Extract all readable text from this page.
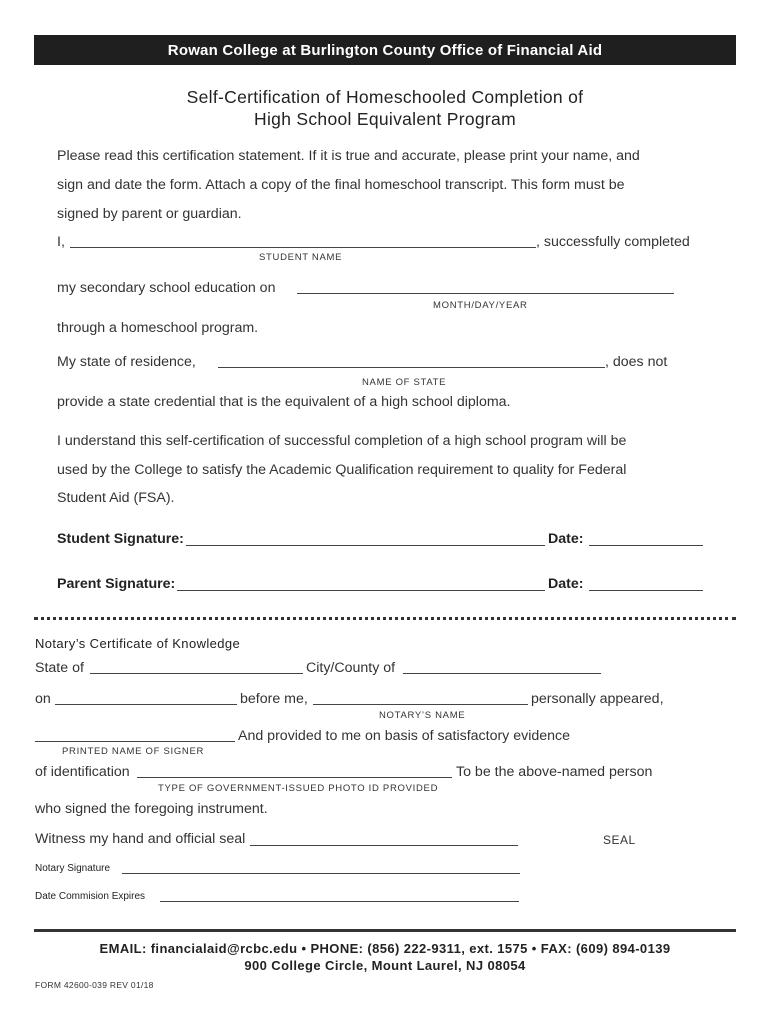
Rowan College at Burlington County Office of Financial Aid
Self-Certification of Homeschooled Completion of
High School Equivalent Program
Please read this certification statement. If it is true and accurate, please print your name, and
sign and date the form. Attach a copy of the final homeschool transcript. This form must be
signed by parent or guardian.
I,	, successfully completed
STUDENT NAME
my secondary school education on
MONTH/DAY/YEAR
through a homeschool program.
My state of residence,	, does not
NAME OF STATE
provide a state credential that is the equivalent of a high school diploma.
I understand this self-certification of successful completion of a high school program will be
used by the College to satisfy the Academic Qualification requirement to quality for Federal
Student Aid (FSA).
Student Signature:	Date:
Parent Signature:	Date:
Notary’s Certificate of Knowledge
State of	City/County of
on	before me,	personally appeared,
NOTARY’S NAME
And provided to me on basis of satisfactory evidence
PRINTED NAME OF SIGNER
of identification	To be the above-named person
TYPE OF GOVERNMENT-ISSUED PHOTO ID PROVIDED
who signed the foregoing instrument.
Witness my hand and official seal	SEAL
Notary Signature
Date Commision Expires
EMAIL: financialaid@rcbc.edu • PHONE: (856) 222-9311, ext. 1575 • FAX: (609) 894-0139
900 College Circle, Mount Laurel, NJ 08054
FORM 42600-039 REV 01/18
